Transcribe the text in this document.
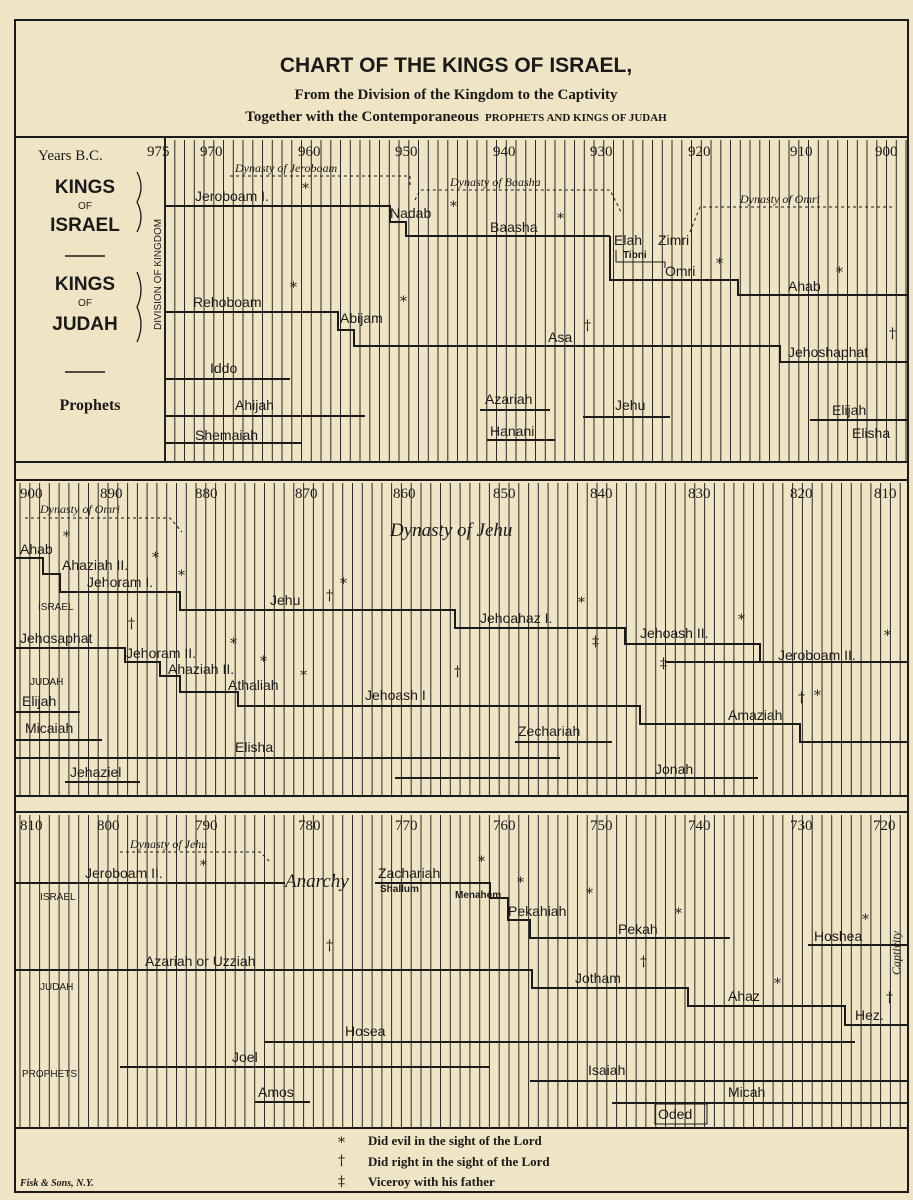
CHART OF THE KINGS OF ISRAEL,
From the Division of the Kingdom to the Captivity
Together with the Contemporaneous PROPHETS AND KINGS OF JUDAH
Years B.C.
KINGS
OF
ISRAEL
KINGS
OF
JUDAH
Prophets
DIVISION OF KINGDOM
975 970	960	950	940	930	920	910	900
Dynasty of Jeroboam
Dynasty of Baasha
Dynasty of Omri
Jeroboam I. *
Nadab *
Baasha *
Elah Zimri
Tibni
Omri *
Ahab
*
Rehoboam
*
Abijam
*
Asa
†
Jehoshaphat
†
Iddo
Ahijah
Shemaiah
Azariah
Hanani
Jehu	Elijah
Elisha
900	890	880	870	860	850	840	830	820	810
Dynasty of Omri
Dynasty of Jehu
Ahab
*
Ahaziah II. *
Jehoram I. *
ISRAEL	Jehu †
*
Jehoahaz I.
*
‡
Jehoash II.
*
Jeroboam II.
*
Jehosaphat
†
Jehoram II.
*
Ahaziah II. *
JUDAH	Athaliah
*
Jehoash I
†	‡
Amaziah
† *
Elijah
Micaiah
Elisha
Jehaziel
Zechariah
Jonah
810	800	790	780	770	760	750	740	730	720
Dynasty of Jehu
Jeroboam II.	*
ISRAEL
Anarchy Zachariah
*
Shallum
Menahem
*
Pekahiah
*
Pekah
*
Hoshea
*
Captivity
Azariah or Uzziah
†
JUDAH
Jotham
†
Ahaz
*
Hez.
†
Hosea
Joel
PROPHETS
Amos
Isaiah
Micah
Oded
* Did evil in the sight of the Lord
† Did right in the sight of the Lord
‡ Viceroy with his father
Fisk & Sons, N.Y.
